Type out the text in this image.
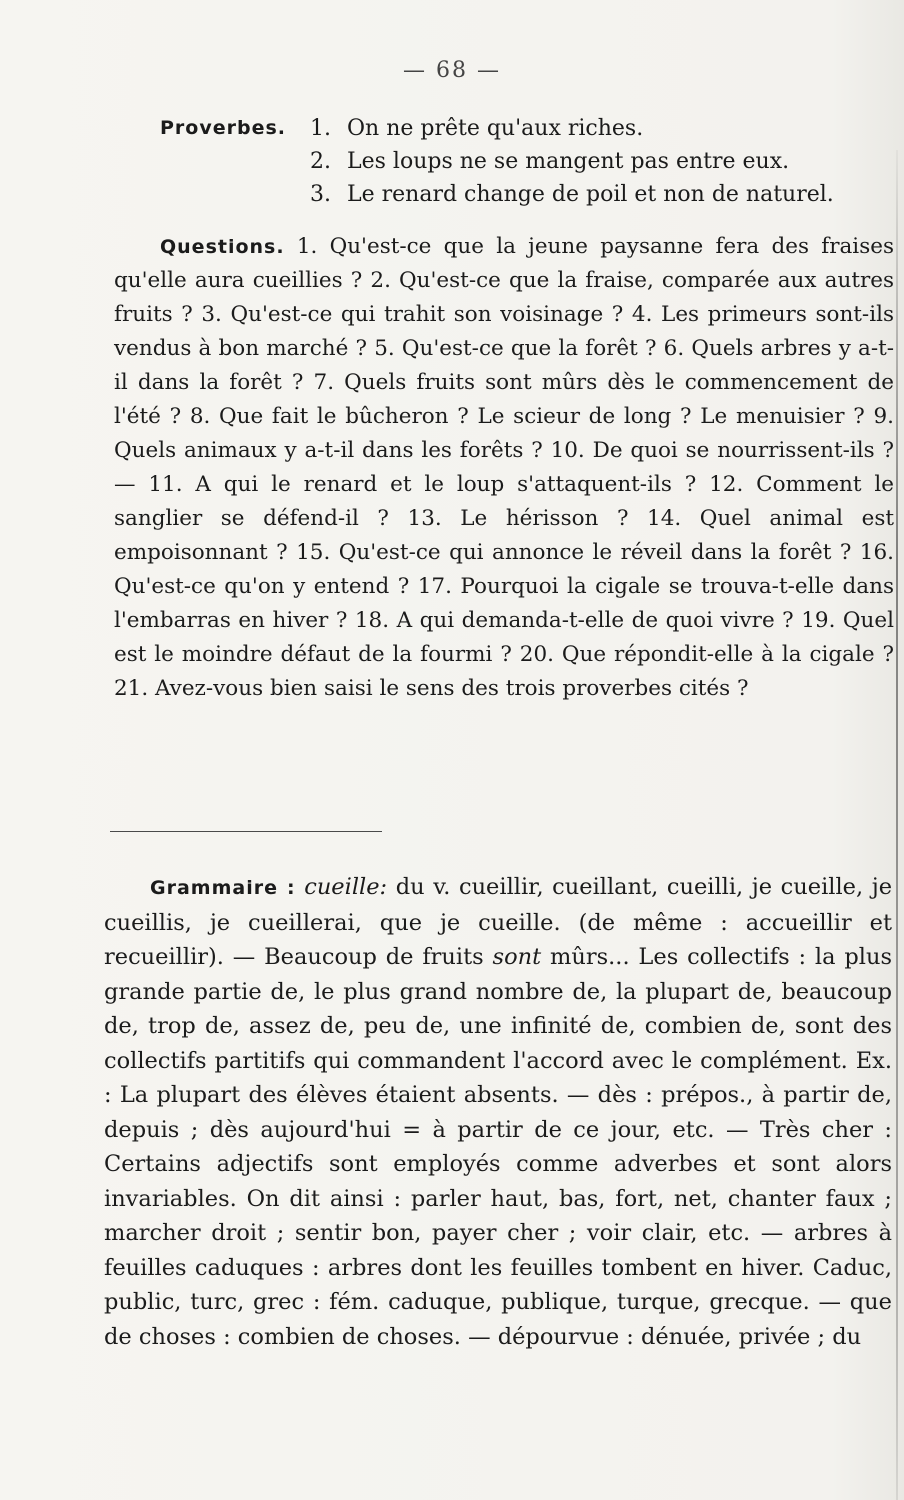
— 68 —
Proverbes. 1. On ne prête qu'aux riches.
2. Les loups ne se mangent pas entre eux.
3. Le renard change de poil et non de naturel.

Questions. 1. Qu'est-ce que la jeune paysanne fera des fraises qu'elle aura cueillies ? 2. Qu'est-ce que la fraise, comparée aux autres fruits ? 3. Qu'est-ce qui trahit son voisinage ? 4. Les primeurs sont-ils vendus à bon marché ? 5. Qu'est-ce que la forêt ? 6. Quels arbres y a-t-il dans la forêt ? 7. Quels fruits sont mûrs dès le commencement de l'été ? 8. Que fait le bûcheron ? Le scieur de long ? Le menuisier ? 9. Quels animaux y a-t-il dans les forêts ? 10. De quoi se nourrissent-ils ? — 11. A qui le renard et le loup s'attaquent-ils ? 12. Comment le sanglier se défend-il ? 13. Le hérisson ? 14. Quel animal est empoisonnant ? 15. Qu'est-ce qui annonce le réveil dans la forêt ? 16. Qu'est-ce qu'on y entend ? 17. Pourquoi la cigale se trouva-t-elle dans l'embarras en hiver ? 18. A qui demanda-t-elle de quoi vivre ? 19. Quel est le moindre défaut de la fourmi ? 20. Que répondit-elle à la cigale ? 21. Avez-vous bien saisi le sens des trois proverbes cités ?

Grammaire : cueille: du v. cueillir, cueillant, cueilli, je cueille, je cueillis, je cueillerai, que je cueille. (de même : accueillir et recueillir). — Beaucoup de fruits sont mûrs... Les collectifs : la plus grande partie de, le plus grand nombre de, la plupart de, beaucoup de, trop de, assez de, peu de, une infinité de, combien de, sont des collectifs partitifs qui commandent l'accord avec le complément. Ex. : La plupart des élèves étaient absents. — dès : prépos., à partir de, depuis ; dès aujourd'hui = à partir de ce jour, etc. — Très cher : Certains adjectifs sont employés comme adverbes et sont alors invariables. On dit ainsi : parler haut, bas, fort, net, chanter faux ; marcher droit ; sentir bon, payer cher ; voir clair, etc. — arbres à feuilles caduques : arbres dont les feuilles tombent en hiver. Caduc, public, turc, grec : fém. caduque, publique, turque, grecque. — que de choses : combien de choses. — dépourvue : dénuée, privée ; du
